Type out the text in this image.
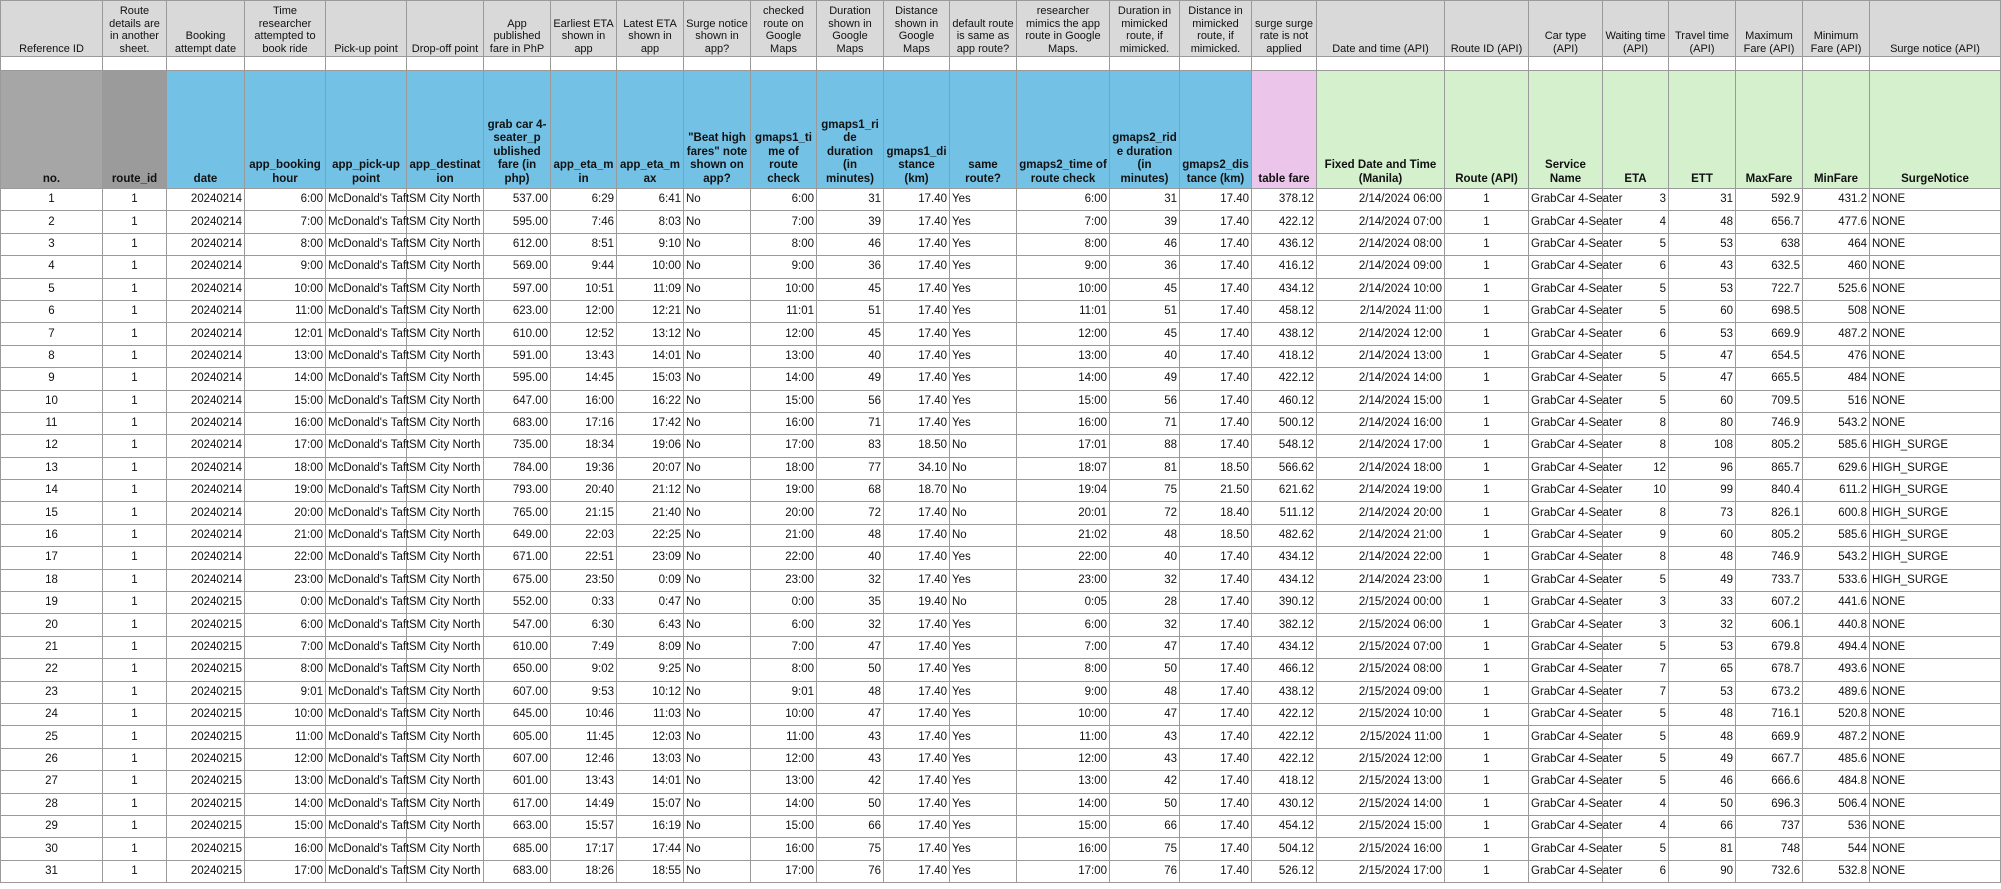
Reference ID	Route details are in another sheet.	Booking attempt date	Time researcher attempted to book ride	Pick-up point	Drop-off point	App published fare in PhP	Earliest ETA shown in app	Latest ETA shown in app	Surge notice shown in app?	checked route on Google Maps	Duration shown in Google Maps	Distance shown in Google Maps	default route is same as app route?	researcher mimics the app route in Google Maps.	Duration in mimicked route, if mimicked.	Distance in mimicked route, if mimicked.	surge surge rate is not applied	Date and time (API)	Route ID (API)	Car type (API)	Waiting time (API)	Travel time (API)	Maximum Fare (API)	Minimum Fare (API)	Surge notice (API)

no.	route_id	date	app_booking hour	app_pick-up point	app_destinat ion	grab car 4-seater_p ublished fare (in php)	app_eta_m in	app_eta_m ax	"Beat high fares" note shown on app?	gmaps1_ti me of route check	gmaps1_ri de duration (in minutes)	gmaps1_di stance (km)	same route?	gmaps2_time of route check	gmaps2_rid e duration (in minutes)	gmaps2_dis tance (km)	table fare	Fixed Date and Time (Manila)	Route (API)	Service Name	ETA	ETT	MaxFare	MinFare	SurgeNotice
1	1	20240214	6:00	McDonald's Taft	SM City North	537.00	6:29	6:41	No	6:00	31	17.40	Yes	6:00	31	17.40	378.12	2/14/2024 06:00	1	GrabCar 4-Seater	3	31	592.9	431.2	NONE
2	1	20240214	7:00	McDonald's Taft	SM City North	595.00	7:46	8:03	No	7:00	39	17.40	Yes	7:00	39	17.40	422.12	2/14/2024 07:00	1	GrabCar 4-Seater	4	48	656.7	477.6	NONE
3	1	20240214	8:00	McDonald's Taft	SM City North	612.00	8:51	9:10	No	8:00	46	17.40	Yes	8:00	46	17.40	436.12	2/14/2024 08:00	1	GrabCar 4-Seater	5	53	638	464	NONE
4	1	20240214	9:00	McDonald's Taft	SM City North	569.00	9:44	10:00	No	9:00	36	17.40	Yes	9:00	36	17.40	416.12	2/14/2024 09:00	1	GrabCar 4-Seater	6	43	632.5	460	NONE
5	1	20240214	10:00	McDonald's Taft	SM City North	597.00	10:51	11:09	No	10:00	45	17.40	Yes	10:00	45	17.40	434.12	2/14/2024 10:00	1	GrabCar 4-Seater	5	53	722.7	525.6	NONE
6	1	20240214	11:00	McDonald's Taft	SM City North	623.00	12:00	12:21	No	11:01	51	17.40	Yes	11:01	51	17.40	458.12	2/14/2024 11:00	1	GrabCar 4-Seater	5	60	698.5	508	NONE
7	1	20240214	12:01	McDonald's Taft	SM City North	610.00	12:52	13:12	No	12:00	45	17.40	Yes	12:00	45	17.40	438.12	2/14/2024 12:00	1	GrabCar 4-Seater	6	53	669.9	487.2	NONE
8	1	20240214	13:00	McDonald's Taft	SM City North	591.00	13:43	14:01	No	13:00	40	17.40	Yes	13:00	40	17.40	418.12	2/14/2024 13:00	1	GrabCar 4-Seater	5	47	654.5	476	NONE
9	1	20240214	14:00	McDonald's Taft	SM City North	595.00	14:45	15:03	No	14:00	49	17.40	Yes	14:00	49	17.40	422.12	2/14/2024 14:00	1	GrabCar 4-Seater	5	47	665.5	484	NONE
10	1	20240214	15:00	McDonald's Taft	SM City North	647.00	16:00	16:22	No	15:00	56	17.40	Yes	15:00	56	17.40	460.12	2/14/2024 15:00	1	GrabCar 4-Seater	5	60	709.5	516	NONE
11	1	20240214	16:00	McDonald's Taft	SM City North	683.00	17:16	17:42	No	16:00	71	17.40	Yes	16:00	71	17.40	500.12	2/14/2024 16:00	1	GrabCar 4-Seater	8	80	746.9	543.2	NONE
12	1	20240214	17:00	McDonald's Taft	SM City North	735.00	18:34	19:06	No	17:00	83	18.50	No	17:01	88	17.40	548.12	2/14/2024 17:00	1	GrabCar 4-Seater	8	108	805.2	585.6	HIGH_SURGE
13	1	20240214	18:00	McDonald's Taft	SM City North	784.00	19:36	20:07	No	18:00	77	34.10	No	18:07	81	18.50	566.62	2/14/2024 18:00	1	GrabCar 4-Seater	12	96	865.7	629.6	HIGH_SURGE
14	1	20240214	19:00	McDonald's Taft	SM City North	793.00	20:40	21:12	No	19:00	68	18.70	No	19:04	75	21.50	621.62	2/14/2024 19:00	1	GrabCar 4-Seater	10	99	840.4	611.2	HIGH_SURGE
15	1	20240214	20:00	McDonald's Taft	SM City North	765.00	21:15	21:40	No	20:00	72	17.40	No	20:01	72	18.40	511.12	2/14/2024 20:00	1	GrabCar 4-Seater	8	73	826.1	600.8	HIGH_SURGE
16	1	20240214	21:00	McDonald's Taft	SM City North	649.00	22:03	22:25	No	21:00	48	17.40	No	21:02	48	18.50	482.62	2/14/2024 21:00	1	GrabCar 4-Seater	9	60	805.2	585.6	HIGH_SURGE
17	1	20240214	22:00	McDonald's Taft	SM City North	671.00	22:51	23:09	No	22:00	40	17.40	Yes	22:00	40	17.40	434.12	2/14/2024 22:00	1	GrabCar 4-Seater	8	48	746.9	543.2	HIGH_SURGE
18	1	20240214	23:00	McDonald's Taft	SM City North	675.00	23:50	0:09	No	23:00	32	17.40	Yes	23:00	32	17.40	434.12	2/14/2024 23:00	1	GrabCar 4-Seater	5	49	733.7	533.6	HIGH_SURGE
19	1	20240215	0:00	McDonald's Taft	SM City North	552.00	0:33	0:47	No	0:00	35	19.40	No	0:05	28	17.40	390.12	2/15/2024 00:00	1	GrabCar 4-Seater	3	33	607.2	441.6	NONE
20	1	20240215	6:00	McDonald's Taft	SM City North	547.00	6:30	6:43	No	6:00	32	17.40	Yes	6:00	32	17.40	382.12	2/15/2024 06:00	1	GrabCar 4-Seater	3	32	606.1	440.8	NONE
21	1	20240215	7:00	McDonald's Taft	SM City North	610.00	7:49	8:09	No	7:00	47	17.40	Yes	7:00	47	17.40	434.12	2/15/2024 07:00	1	GrabCar 4-Seater	5	53	679.8	494.4	NONE
22	1	20240215	8:00	McDonald's Taft	SM City North	650.00	9:02	9:25	No	8:00	50	17.40	Yes	8:00	50	17.40	466.12	2/15/2024 08:00	1	GrabCar 4-Seater	7	65	678.7	493.6	NONE
23	1	20240215	9:01	McDonald's Taft	SM City North	607.00	9:53	10:12	No	9:01	48	17.40	Yes	9:00	48	17.40	438.12	2/15/2024 09:00	1	GrabCar 4-Seater	7	53	673.2	489.6	NONE
24	1	20240215	10:00	McDonald's Taft	SM City North	645.00	10:46	11:03	No	10:00	47	17.40	Yes	10:00	47	17.40	422.12	2/15/2024 10:00	1	GrabCar 4-Seater	5	48	716.1	520.8	NONE
25	1	20240215	11:00	McDonald's Taft	SM City North	605.00	11:45	12:03	No	11:00	43	17.40	Yes	11:00	43	17.40	422.12	2/15/2024 11:00	1	GrabCar 4-Seater	5	48	669.9	487.2	NONE
26	1	20240215	12:00	McDonald's Taft	SM City North	607.00	12:46	13:03	No	12:00	43	17.40	Yes	12:00	43	17.40	422.12	2/15/2024 12:00	1	GrabCar 4-Seater	5	49	667.7	485.6	NONE
27	1	20240215	13:00	McDonald's Taft	SM City North	601.00	13:43	14:01	No	13:00	42	17.40	Yes	13:00	42	17.40	418.12	2/15/2024 13:00	1	GrabCar 4-Seater	5	46	666.6	484.8	NONE
28	1	20240215	14:00	McDonald's Taft	SM City North	617.00	14:49	15:07	No	14:00	50	17.40	Yes	14:00	50	17.40	430.12	2/15/2024 14:00	1	GrabCar 4-Seater	4	50	696.3	506.4	NONE
29	1	20240215	15:00	McDonald's Taft	SM City North	663.00	15:57	16:19	No	15:00	66	17.40	Yes	15:00	66	17.40	454.12	2/15/2024 15:00	1	GrabCar 4-Seater	4	66	737	536	NONE
30	1	20240215	16:00	McDonald's Taft	SM City North	685.00	17:17	17:44	No	16:00	75	17.40	Yes	16:00	75	17.40	504.12	2/15/2024 16:00	1	GrabCar 4-Seater	5	81	748	544	NONE
31	1	20240215	17:00	McDonald's Taft	SM City North	683.00	18:26	18:55	No	17:00	76	17.40	Yes	17:00	76	17.40	526.12	2/15/2024 17:00	1	GrabCar 4-Seater	6	90	732.6	532.8	NONE
